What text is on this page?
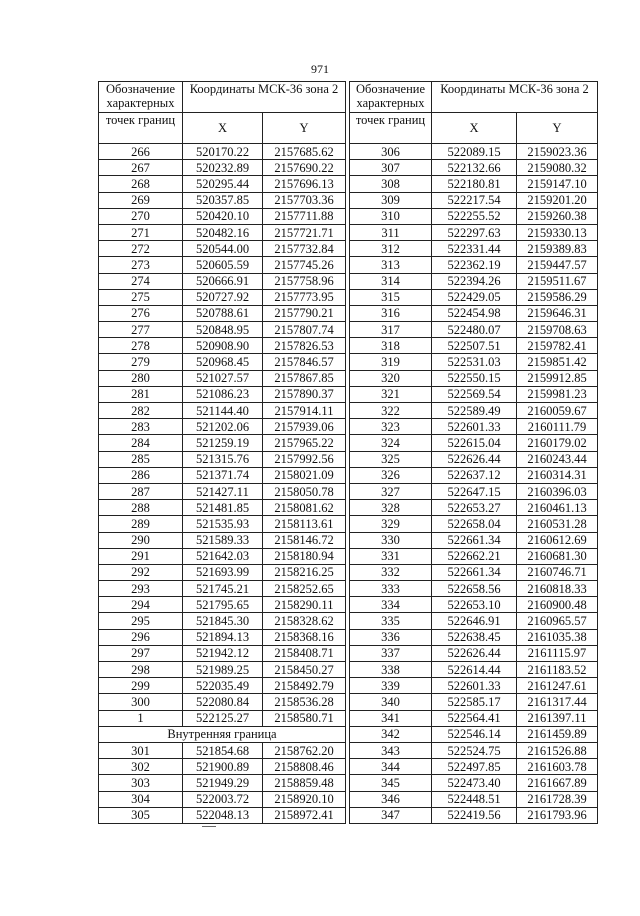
971
Обозначение характерных	Координаты МСК-36 зона 2	
точек границ	X	Y
266	520170.22	2157685.62
267	520232.89	2157690.22
268	520295.44	2157696.13
269	520357.85	2157703.36
270	520420.10	2157711.88
271	520482.16	2157721.71
272	520544.00	2157732.84
273	520605.59	2157745.26
274	520666.91	2157758.96
275	520727.92	2157773.95
276	520788.61	2157790.21
277	520848.95	2157807.74
278	520908.90	2157826.53
279	520968.45	2157846.57
280	521027.57	2157867.85
281	521086.23	2157890.37
282	521144.40	2157914.11
283	521202.06	2157939.06
284	521259.19	2157965.22
285	521315.76	2157992.56
286	521371.74	2158021.09
287	521427.11	2158050.78
288	521481.85	2158081.62
289	521535.93	2158113.61
290	521589.33	2158146.72
291	521642.03	2158180.94
292	521693.99	2158216.25
293	521745.21	2158252.65
294	521795.65	2158290.11
295	521845.30	2158328.62
296	521894.13	2158368.16
297	521942.12	2158408.71
298	521989.25	2158450.27
299	522035.49	2158492.79
300	522080.84	2158536.28
1	522125.27	2158580.71
Внутренняя граница		
301	521854.68	2158762.20
302	521900.89	2158808.46
303	521949.29	2158859.48
304	522003.72	2158920.10
305	522048.13	2158972.41
Обозначение характерных	Координаты МСК-36 зона 2	
точек границ	X	Y
306	522089.15	2159023.36
307	522132.66	2159080.32
308	522180.81	2159147.10
309	522217.54	2159201.20
310	522255.52	2159260.38
311	522297.63	2159330.13
312	522331.44	2159389.83
313	522362.19	2159447.57
314	522394.26	2159511.67
315	522429.05	2159586.29
316	522454.98	2159646.31
317	522480.07	2159708.63
318	522507.51	2159782.41
319	522531.03	2159851.42
320	522550.15	2159912.85
321	522569.54	2159981.23
322	522589.49	2160059.67
323	522601.33	2160111.79
324	522615.04	2160179.02
325	522626.44	2160243.44
326	522637.12	2160314.31
327	522647.15	2160396.03
328	522653.27	2160461.13
329	522658.04	2160531.28
330	522661.34	2160612.69
331	522662.21	2160681.30
332	522661.34	2160746.71
333	522658.56	2160818.33
334	522653.10	2160900.48
335	522646.91	2160965.57
336	522638.45	2161035.38
337	522626.44	2161115.97
338	522614.44	2161183.52
339	522601.33	2161247.61
340	522585.17	2161317.44
341	522564.41	2161397.11
342	522546.14	2161459.89
343	522524.75	2161526.88
344	522497.85	2161603.78
345	522473.40	2161667.89
346	522448.51	2161728.39
347	522419.56	2161793.96
